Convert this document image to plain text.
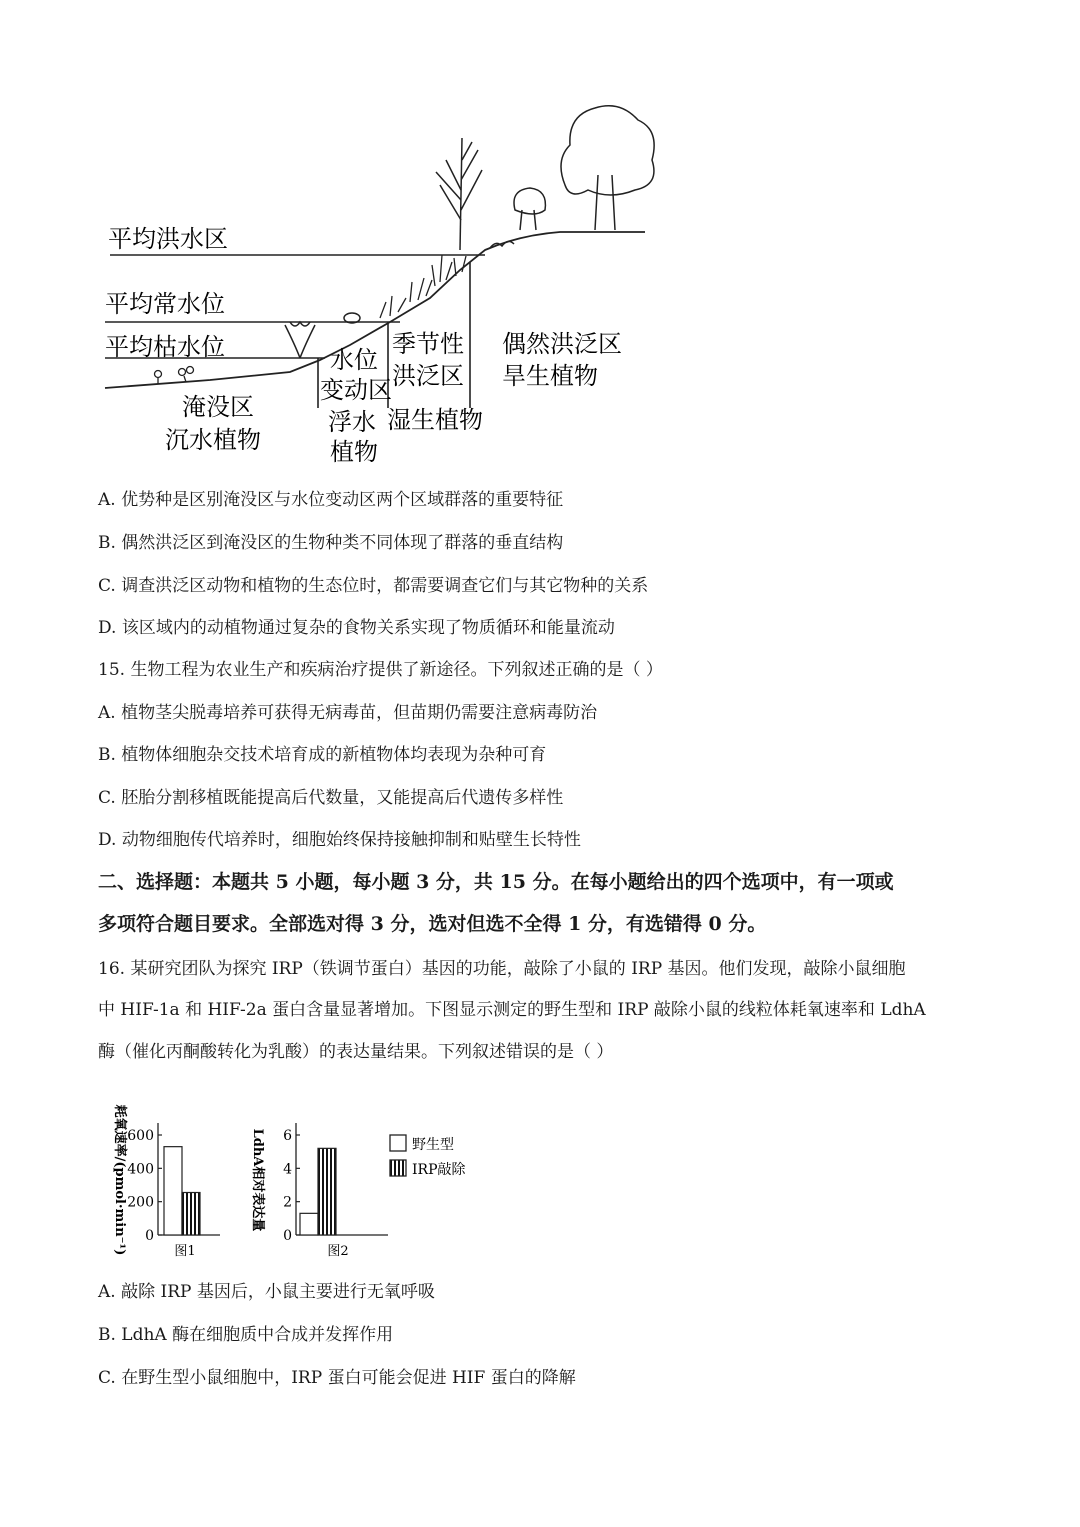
平均洪水区
平均常水位
平均枯水位
淹没区
沉水植物
水位
变动区
浮水
植物
季节性
洪泛区
湿生植物
偶然洪泛区
旱生植物
A. 优势种是区别淹没区与水位变动区两个区域群落的重要特征
B. 偶然洪泛区到淹没区的生物种类不同体现了群落的垂直结构
C. 调查洪泛区动物和植物的生态位时，都需要调查它们与其它物种的关系
D. 该区域内的动植物通过复杂的食物关系实现了物质循环和能量流动
15. 生物工程为农业生产和疾病治疗提供了新途径。下列叙述正确的是（ ）
A. 植物茎尖脱毒培养可获得无病毒苗，但苗期仍需要注意病毒防治
B. 植物体细胞杂交技术培育成的新植物体均表现为杂种可育
C. 胚胎分割移植既能提高后代数量，又能提高后代遗传多样性
D. 动物细胞传代培养时，细胞始终保持接触抑制和贴壁生长特性
二、选择题：本题共 5 小题，每小题 3 分，共 15 分。在每小题给出的四个选项中，有一项或
多项符合题目要求。全部选对得 3 分，选对但选不全得 1 分，有选错得 0 分。
16. 某研究团队为探究 IRP（铁调节蛋白）基因的功能，敲除了小鼠的 IRP 基因。他们发现，敲除小鼠细胞
中 HIF-1a 和 HIF-2a 蛋白含量显著增加。下图显示测定的野生型和 IRP 敲除小鼠的线粒体耗氧速率和 LdhA
酶（催化丙酮酸转化为乳酸）的表达量结果。下列叙述错误的是（ ）
0
200
400
600
图1
耗氧速率/(pmol·min⁻¹)	0
2
4
6
图2
LdhA相对表达量	野生型
IRP敲除
A. 敲除 IRP 基因后，小鼠主要进行无氧呼吸
B. LdhA 酶在细胞质中合成并发挥作用
C. 在野生型小鼠细胞中，IRP 蛋白可能会促进 HIF 蛋白的降解
